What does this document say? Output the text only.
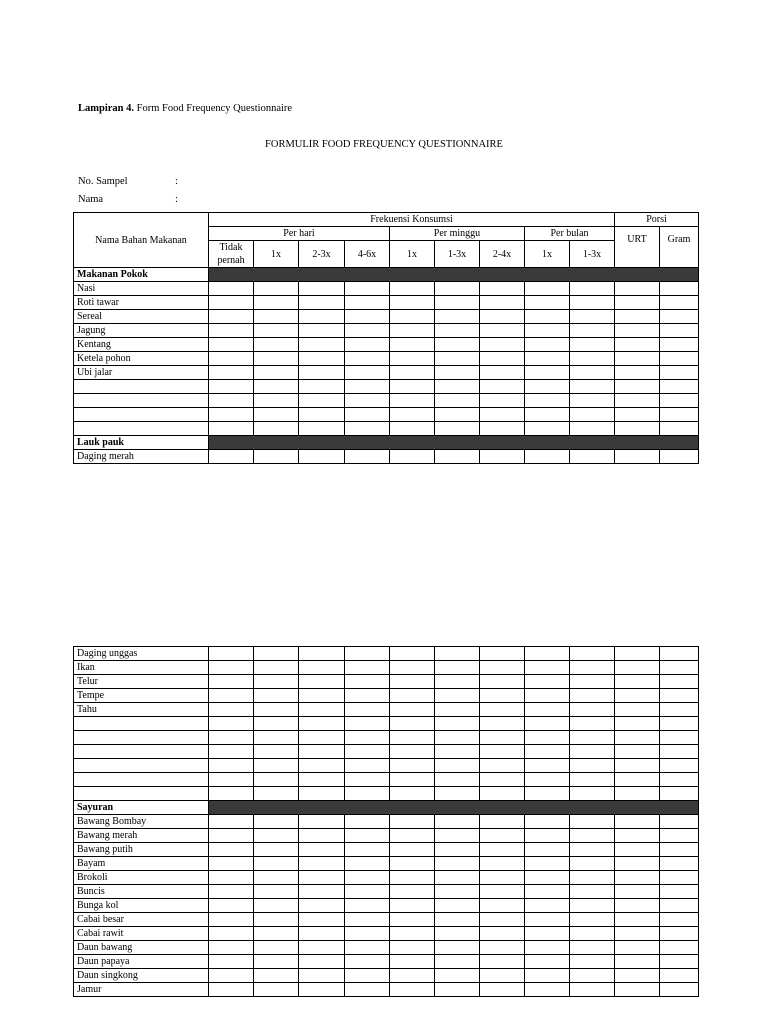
Lampiran 4. Form Food Frequency Questionnaire
FORMULIR FOOD FREQUENCY QUESTIONNAIRE
No. Sampel	:
Nama	:
Nama Bahan Makanan	Frekuensi Konsumsi									Porsi	
	Per hari				Per minggu			Per bulan		URT	Gram
	Tidak
pernah	1x	2-3x	4-6x	1x	1-3x	2-4x	1x	1-3x		
Makanan Pokok											
Nasi											
Roti tawar											
Sereal											
Jagung											
Kentang											
Ketela pohon											
Ubi jalar											

Lauk pauk											
Daging merah											
Daging unggas											
Ikan											
Telur											
Tempe											
Tahu											

Sayuran											
Bawang Bombay											
Bawang merah											
Bawang putih											
Bayam											
Brokoli											
Buncis											
Bunga kol											
Cabai besar											
Cabai rawit											
Daun bawang											
Daun papaya											
Daun singkong											
Jamur											
